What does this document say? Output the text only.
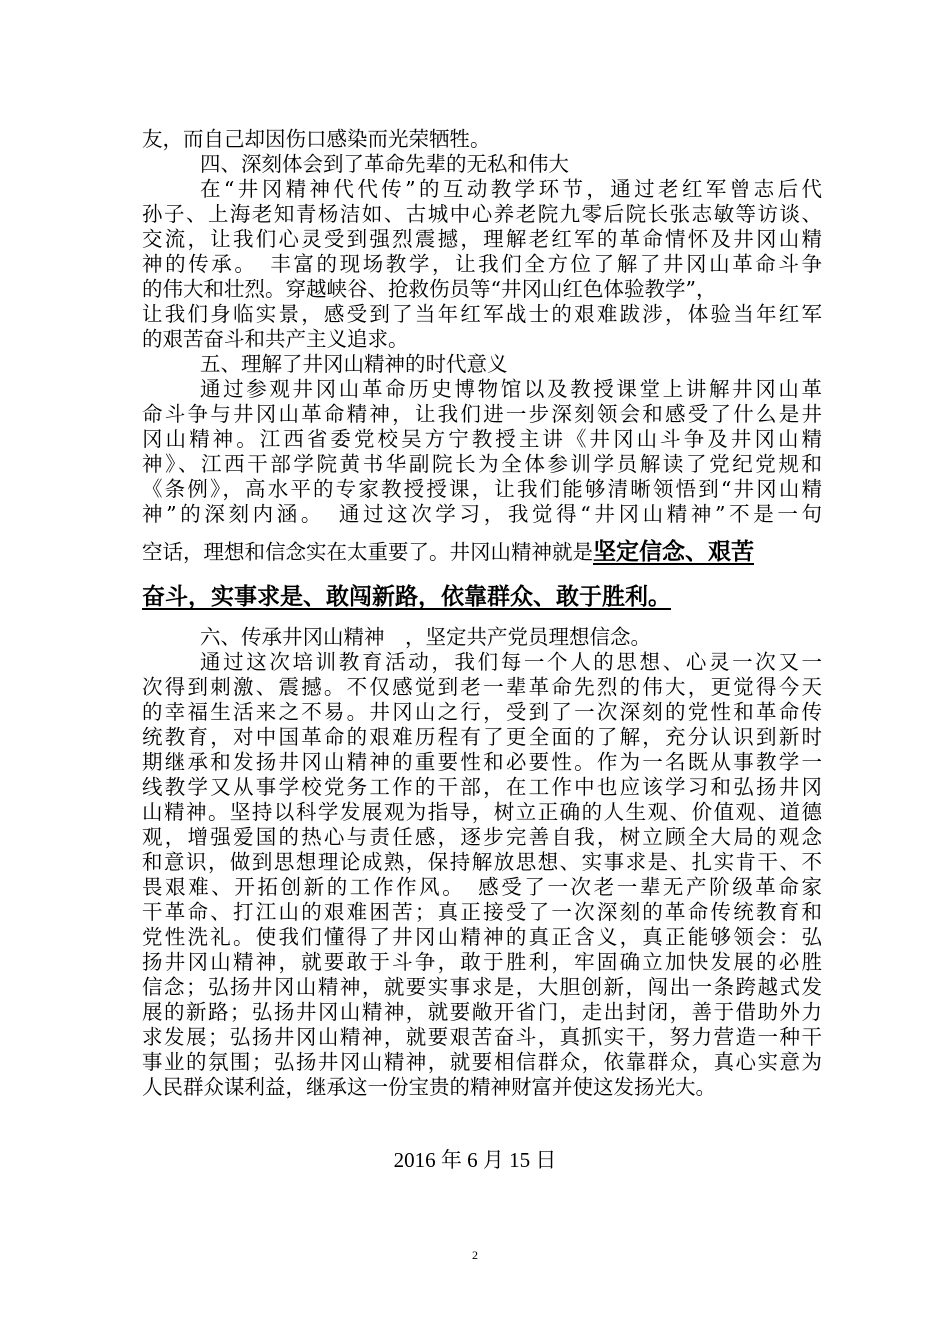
友，而自己却因伤口感染而光荣牺牲。
四、深刻体会到了革命先辈的无私和伟大
在“井冈精神代代传”的互动教学环节，通过老红军曾志后代
孙子、上海老知青杨洁如、古城中心养老院九零后院长张志敏等访谈、
交流，让我们心灵受到强烈震撼，理解老红军的革命情怀及井冈山精
神的传承。　丰富的现场教学，让我们全方位了解了井冈山革命斗争
的伟大和壮烈。穿越峡谷、抢救伤员等“井冈山红色体验教学”，
让我们身临实景，感受到了当年红军战士的艰难跋涉，体验当年红军
的艰苦奋斗和共产主义追求。
五、理解了井冈山精神的时代意义
通过参观井冈山革命历史博物馆以及教授课堂上讲解井冈山革
命斗争与井冈山革命精神，让我们进一步深刻领会和感受了什么是井
冈山精神。江西省委党校吴方宁教授主讲《井冈山斗争及井冈山精
神》、江西干部学院黄书华副院长为全体参训学员解读了党纪党规和
《条例》，高水平的专家教授授课，让我们能够清晰领悟到“井冈山精
神”的深刻内涵。　通过这次学习，我觉得“井冈山精神”不是一句
空话，理想和信念实在太重要了。井冈山精神就是坚定信念、艰苦
奋斗，实事求是、敢闯新路，依靠群众、敢于胜利。
六、传承井冈山精神　，坚定共产党员理想信念。
通过这次培训教育活动，我们每一个人的思想、心灵一次又一
次得到刺激、震撼。不仅感觉到老一辈革命先烈的伟大，更觉得今天
的幸福生活来之不易。井冈山之行，受到了一次深刻的党性和革命传
统教育，对中国革命的艰难历程有了更全面的了解，充分认识到新时
期继承和发扬井冈山精神的重要性和必要性。作为一名既从事教学一
线教学又从事学校党务工作的干部，在工作中也应该学习和弘扬井冈
山精神。坚持以科学发展观为指导，树立正确的人生观、价值观、道德
观，增强爱国的热心与责任感，逐步完善自我，树立顾全大局的观念
和意识，做到思想理论成熟，保持解放思想、实事求是、扎实肯干、不
畏艰难、开拓创新的工作作风。　感受了一次老一辈无产阶级革命家
干革命、打江山的艰难困苦；真正接受了一次深刻的革命传统教育和
党性洗礼。使我们懂得了井冈山精神的真正含义，真正能够领会：弘
扬井冈山精神，就要敢于斗争，敢于胜利，牢固确立加快发展的必胜
信念；弘扬井冈山精神，就要实事求是，大胆创新，闯出一条跨越式发
展的新路；弘扬井冈山精神，就要敞开省门，走出封闭，善于借助外力
求发展；弘扬井冈山精神，就要艰苦奋斗，真抓实干，努力营造一种干
事业的氛围；弘扬井冈山精神，就要相信群众，依靠群众，真心实意为
人民群众谋利益，继承这一份宝贵的精神财富并使这发扬光大。
2016 年 6 月 15 日
2
